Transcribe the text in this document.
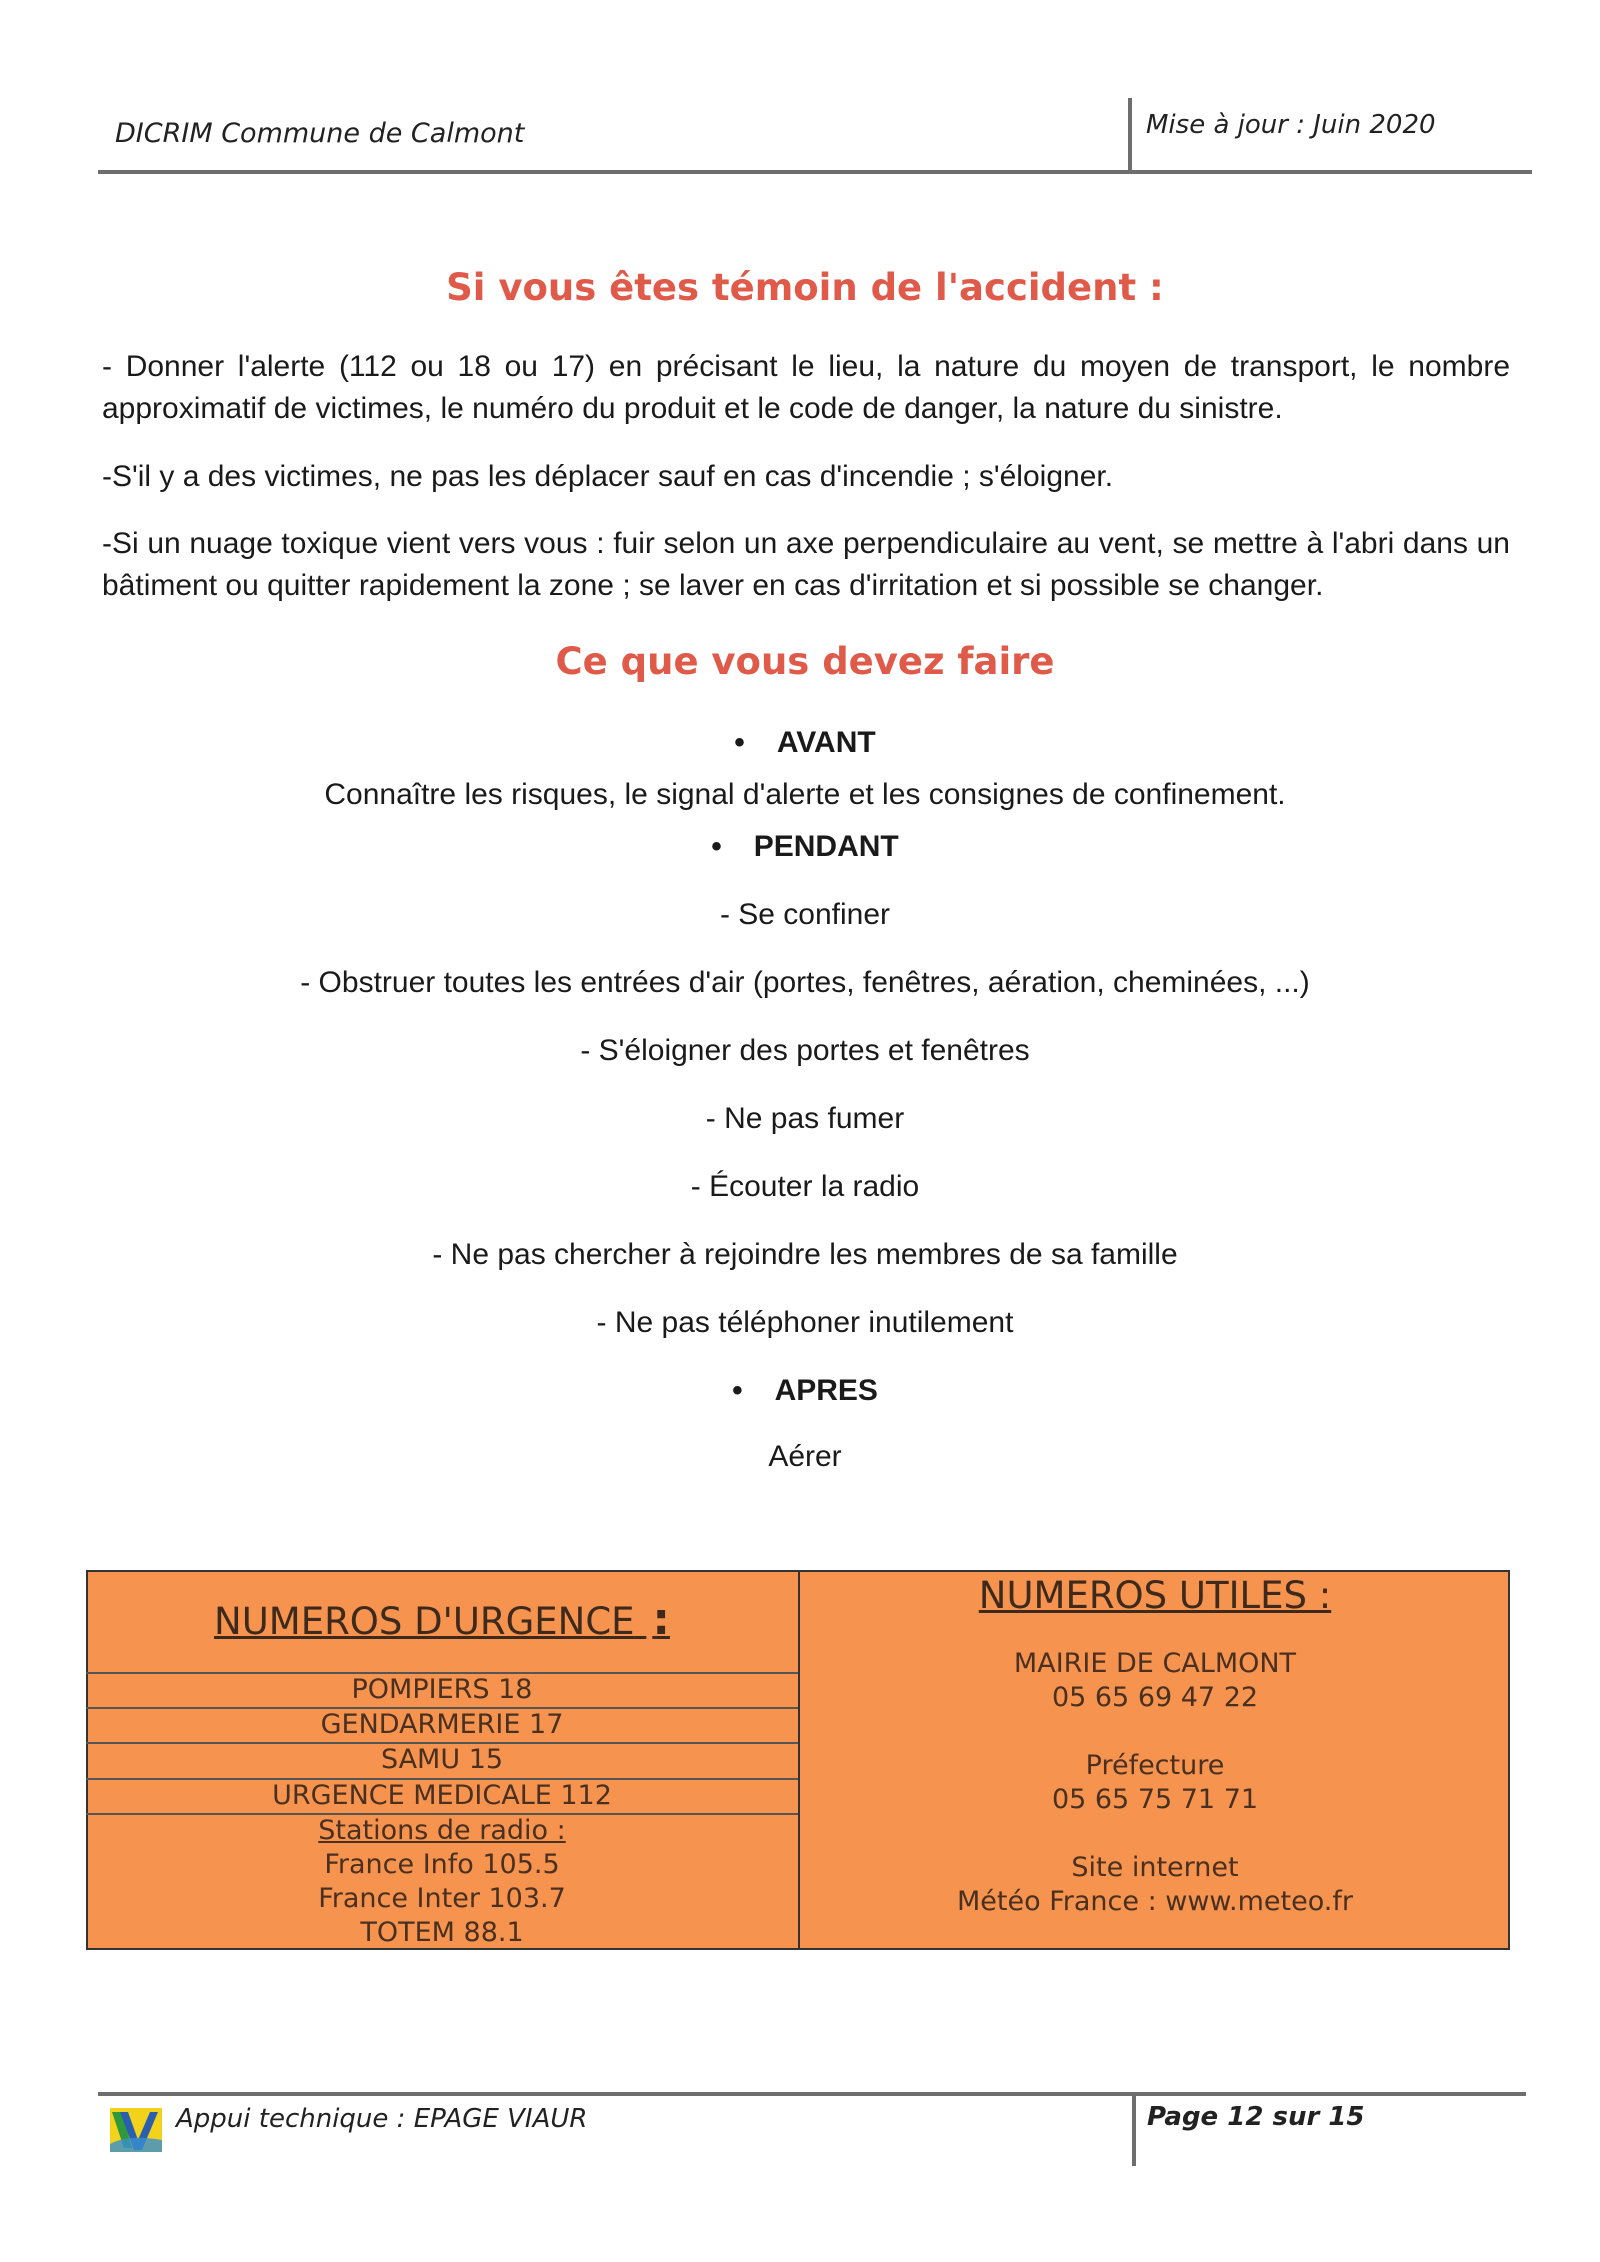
DICRIM Commune de Calmont	Mise à jour : Juin 2020
Si vous êtes témoin de l'accident :
- Donner l'alerte (112 ou 18 ou 17) en précisant le lieu, la nature du moyen de transport, le nombre approximatif de victimes, le numéro du produit et le code de danger, la nature du sinistre.
-S'il y a des victimes, ne pas les déplacer sauf en cas d'incendie ; s'éloigner.
-Si un nuage toxique vient vers vous : fuir selon un axe perpendiculaire au vent, se mettre à l'abri dans un bâtiment ou quitter rapidement la zone ; se laver en cas d'irritation et si possible se changer.
Ce que vous devez faire
• AVANT
Connaître les risques, le signal d'alerte et les consignes de confinement.
• PENDANT
- Se confiner
- Obstruer toutes les entrées d'air (portes, fenêtres, aération, cheminées, ...)
- S'éloigner des portes et fenêtres
- Ne pas fumer
- Écouter la radio
- Ne pas chercher à rejoindre les membres de sa famille
- Ne pas téléphoner inutilement
• APRES
Aérer
NUMEROS D'URGENCE :
POMPIERS 18
GENDARMERIE 17
SAMU 15
URGENCE MEDICALE 112
Stations de radio :
France Info 105.5
France Inter 103.7
TOTEM 88.1
NUMEROS UTILES :
MAIRIE DE CALMONT
05 65 69 47 22
Préfecture
05 65 75 71 71
Site internet
Météo France : www.meteo.fr
Appui technique : EPAGE VIAUR	Page 12 sur 15
